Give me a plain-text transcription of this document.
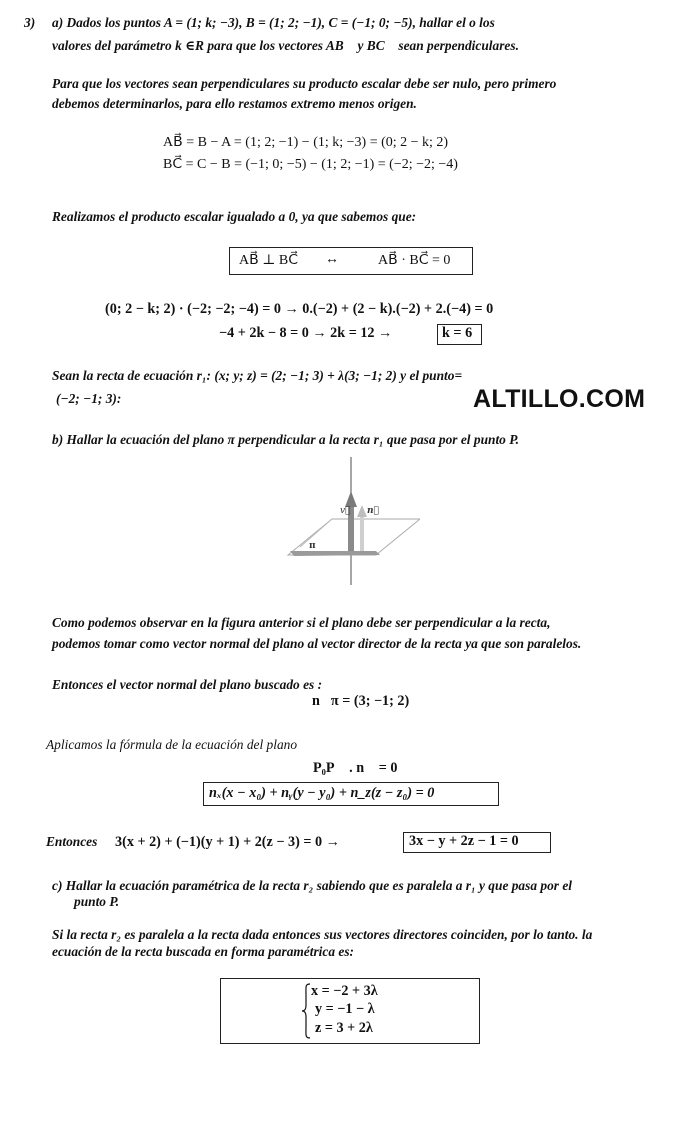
3) a) Dados los puntos A = (1; k; −3), B = (1; 2; −1), C = (−1; 0; −5), hallar el o los
valores del parámetro k ∈R para que los vectores AB⃗ y BC⃗ sean perpendiculares.
Para que los vectores sean perpendiculares su producto escalar debe ser nulo, pero primero
debemos determinarlos, para ello restamos extremo menos origen.
AB⃗ = B − A = (1; 2; −1) − (1; k; −3) = (0; 2 − k; 2)
BC⃗ = C − B = (−1; 0; −5) − (1; 2; −1) = (−2; −2; −4)
Realizamos el producto escalar igualado a 0, ya que sabemos que:
AB⃗ ⊥ BC⃗ ↔	AB⃗ · BC⃗ = 0
(0; 2 − k; 2) · (−2; −2; −4) = 0 → 0.(−2) + (2 − k).(−2) + 2.(−4) = 0
−4 + 2k − 8 = 0 → 2k = 12 →	k = 6
Sean la recta de ecuación r₁: (x; y; z) = (2; −1; 3) + λ(3; −1; 2) y el punto=
(−2; −1; 3):	ALTILLO.COM
b) Hallar la ecuación del plano π perpendicular a la recta r₁ que pasa por el punto P.
v⃗ n⃗
π
Como podemos observar en la figura anterior si el plano debe ser perpendicular a la recta,
podemos tomar como vector normal del plano al vector director de la recta ya que son paralelos.
Entonces el vector normal del plano buscado es :
n⃗π = (3; −1; 2)
Aplicamos la fórmula de la ecuación del plano
P₀P⃗ . n⃗ = 0
nₓ(x − x₀) + nᵧ(y − y₀) + n_z(z − z₀) = 0
Entonces 3(x + 2) + (−1)(y + 1) + 2(z − 3) = 0 →	3x − y + 2z − 1 = 0
c) Hallar la ecuación paramétrica de la recta r₂ sabiendo que es paralela a r₁ y que pasa por el
punto P.
Si la recta r₂ es paralela a la recta dada entonces sus vectores directores coinciden, por lo tanto. la
ecuación de la recta buscada en forma paramétrica es:
x = −2 + 3λ
y = −1 − λ
z = 3 + 2λ
